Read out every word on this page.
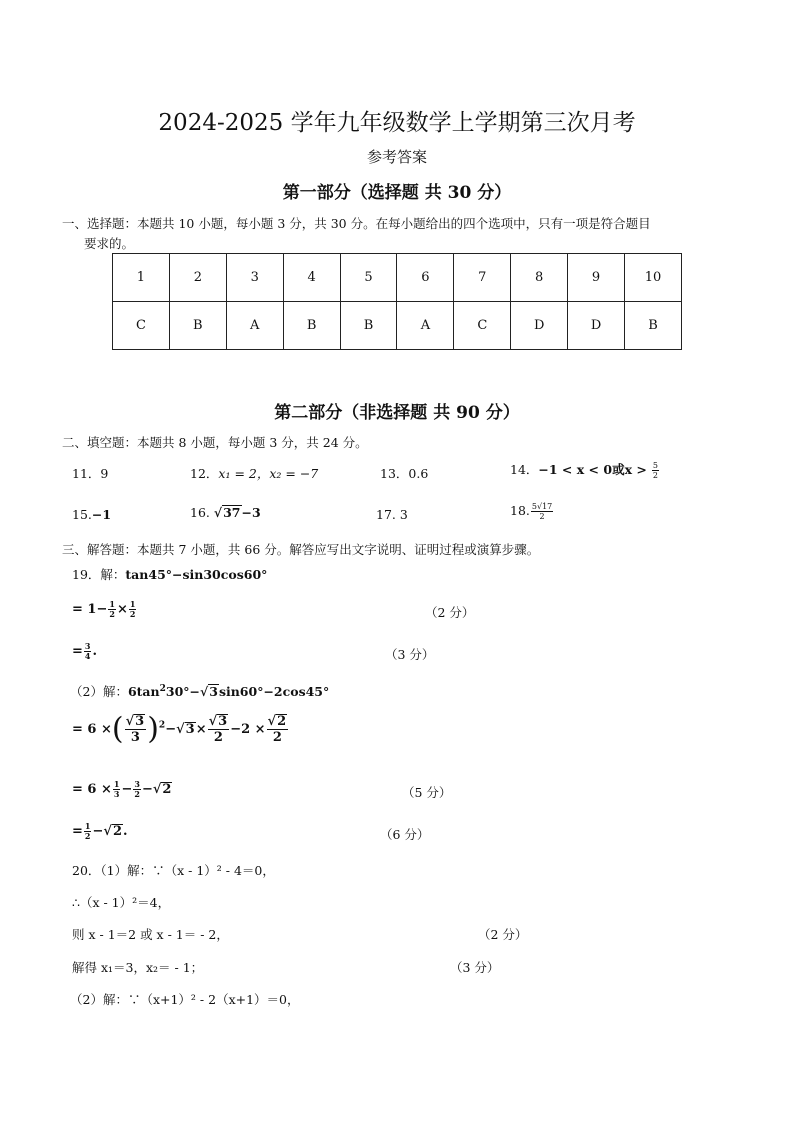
2024-2025 学年九年级数学上学期第三次月考
参考答案
第一部分（选择题 共 30 分）
一、选择题：本题共 10 小题，每小题 3 分，共 30 分。在每小题给出的四个选项中，只有一项是符合题目
要求的。
1	2	3	4	5	6	7	8	9	10
C	B	A	B	B	A	C	D	D	B
第二部分（非选择题 共 90 分）
二、填空题：本题共 8 小题，每小题 3 分，共 24 分。
11．9	12．x₁ = 2，x₂ = −7	13．0.6	14．−1 < x < 0或$x > \frac{5}{2}$
15.−1	16. √37−3	17. 3	18. $\frac{5√17}{2}$
三、解答题：本题共 7 小题，共 66 分。解答应写出文字说明、证明过程或演算步骤。
19．解：tan45°−sin30cos60°
= $1- \frac{1}{2} \times \frac{1}{2}$	（2 分）
= $\frac{3}{4}$ .	（3 分）
（2）解：$6\tan^230^\circ-√3\sin 60^\circ-2\cos 45^\circ$
= 6 ×( $\frac{√3}{3} )^2-√3\times \frac{√3}{2} -2 \times \frac{√2}{2}$
= $6 \times \frac{1}{3} - \frac{3}{2} -√2$	（5 分）
= $\frac{1}{2} -√2$.	（6 分）
20．（1）解：∵（x - 1）² - 4＝0，
∴（x - 1）²＝4，
则 x - 1＝2 或 x - 1＝ - 2，	（2 分）
解得 x₁＝3，x₂＝ - 1；	（3 分）
（2）解：∵（x+1）² - 2（x+1）＝0，
